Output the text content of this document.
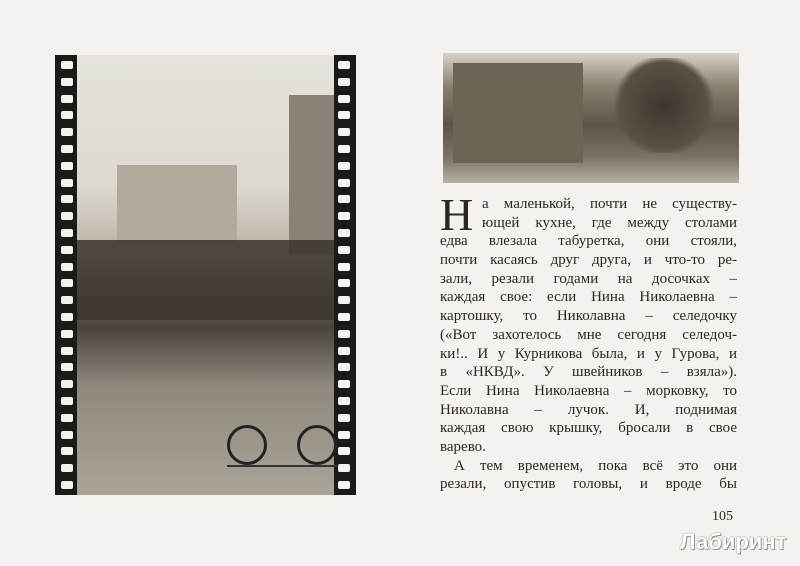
Н а маленькой, почти не существу-
ющей кухне, где между столами
едва влезала табуретка, они стояли,
почти касаясь друг друга, и что-то ре-
зали, резали годами на досочках –
каждая свое: если Нина Николаевна –
картошку, то Николавна – селедочку
(«Вот захотелось мне сегодня селедоч-
ки!.. И у Курникова была, и у Гурова, и
в «НКВД». У швейников – взяла»).
Если Нина Николаевна – морковку, то
Николавна – лучок. И, поднимая
каждая свою крышку, бросали в свое
варево.
А тем временем, пока всё это они
резали, опустив головы, и вроде бы
105
Лабиринт
